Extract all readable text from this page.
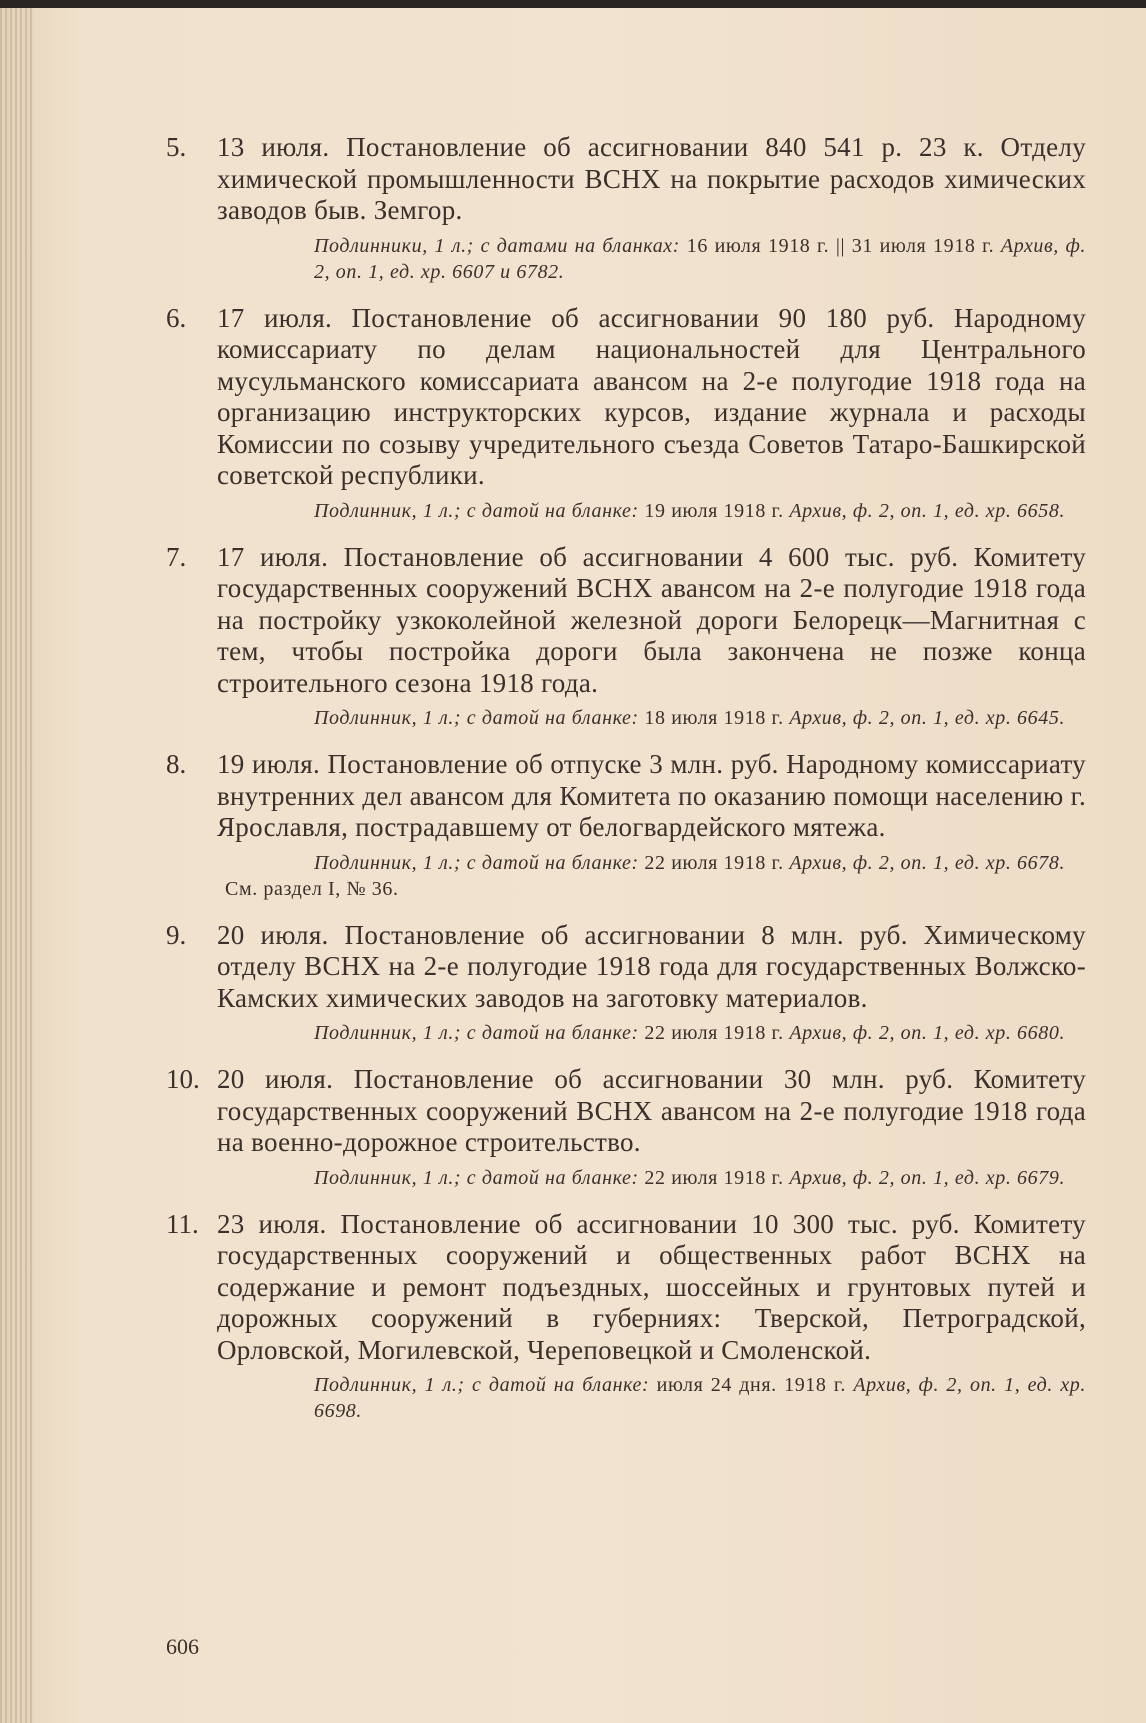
5.	13 июля. Постановление об ассигновании 840 541 р. 23 к. Отделу химической промышленности ВСНХ на покрытие расходов химических заводов быв. Земгор.
Подлинники, 1 л.; с датами на бланках: 16 июля 1918 г. || 31 июля 1918 г. Архив, ф. 2, оп. 1, ед. хр. 6607 и 6782.
6.	17 июля. Постановление об ассигновании 90 180 руб. Народному комиссариату по делам национальностей для Центрального мусульманского комиссариата авансом на 2-е полугодие 1918 года на организацию инструкторских курсов, издание журнала и расходы Комиссии по созыву учредительного съезда Советов Татаро-Башкирской советской республики.
Подлинник, 1 л.; с датой на бланке: 19 июля 1918 г. Архив, ф. 2, оп. 1, ед. хр. 6658.
7.	17 июля. Постановление об ассигновании 4 600 тыс. руб. Комитету государственных сооружений ВСНХ авансом на 2-е полугодие 1918 года на постройку узкоколейной железной дороги Белорецк—Магнитная с тем, чтобы постройка дороги была закончена не позже конца строительного сезона 1918 года.
Подлинник, 1 л.; с датой на бланке: 18 июля 1918 г. Архив, ф. 2, оп. 1, ед. хр. 6645.
8.	19 июля. Постановление об отпуске 3 млн. руб. Народному комиссариату внутренних дел авансом для Комитета по оказанию помощи населению г. Ярославля, пострадавшему от белогвардейского мятежа.
Подлинник, 1 л.; с датой на бланке: 22 июля 1918 г. Архив, ф. 2, оп. 1, ед. хр. 6678.
См. раздел I, № 36.
9.	20 июля. Постановление об ассигновании 8 млн. руб. Химическому отделу ВСНХ на 2-е полугодие 1918 года для государственных Волжско-Камских химических заводов на заготовку материалов.
Подлинник, 1 л.; с датой на бланке: 22 июля 1918 г. Архив, ф. 2, оп. 1, ед. хр. 6680.
10. 20 июля. Постановление об ассигновании 30 млн. руб. Комитету государственных сооружений ВСНХ авансом на 2-е полугодие 1918 года на военно-дорожное строительство.
Подлинник, 1 л.; с датой на бланке: 22 июля 1918 г. Архив, ф. 2, оп. 1, ед. хр. 6679.
11. 23 июля. Постановление об ассигновании 10 300 тыс. руб. Комитету государственных сооружений и общественных работ ВСНХ на содержание и ремонт подъездных, шоссейных и грунтовых путей и дорожных сооружений в губерниях: Тверской, Петроградской, Орловской, Могилевской, Череповецкой и Смоленской.
Подлинник, 1 л.; с датой на бланке: июля 24 дня. 1918 г. Архив, ф. 2, оп. 1, ед. хр. 6698.
606
